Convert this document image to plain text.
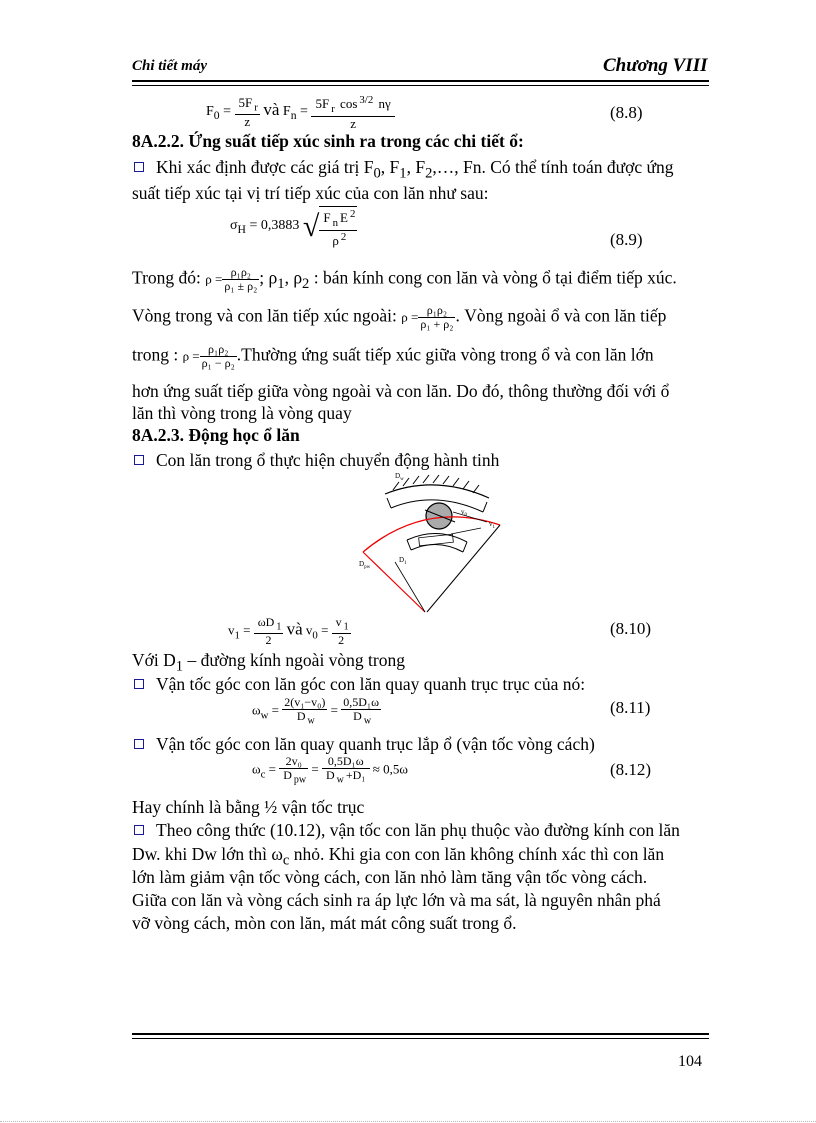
Chi tiết máy	Chương VIII
$F_0 = \frac{5F _r}{z}$ và $F_n = \frac{5F _r \cos ^{3/2} n\gamma}{z}$	(8.8)
8A.2.2. Ứng suất tiếp xúc sinh ra trong các chi tiết ổ:
Khi xác định được các giá trị $F_0$, $F_1$, $F_2,\dots$, Fn. Có thể tính toán được ứng
suất tiếp xúc tại vị trí tiếp xúc của con lăn như sau:
$\sigma_H = 0,3883$ √ $\frac{F _n E ^2}{\rho ^2}$	(8.9)
Trong đó: $\rho = \frac{\text{ρ₁ρ₂}}{\text{ρ₁ ± ρ₂}}$ ; $\rho_1$, $\rho_2$ : bán kính cong con lăn và vòng ổ tại điểm tiếp xúc.
Vòng trong và con lăn tiếp xúc ngoài: $\rho = \frac{\text{ρ₁ρ₂}}{\text{ρ₁ + ρ₂}}$ . Vòng ngoài ổ và con lăn tiếp
trong : $\rho = \frac{\text{ρ₁ρ₂}}{\text{ρ₁ − ρ₂}}$ .Thường ứng suất tiếp xúc giữa vòng trong ổ và con lăn lớn
hơn ứng suất tiếp giữa vòng ngoài và con lăn. Do đó, thông thường đối với ổ
lăn thì vòng trong là vòng quay
8A.2.3. Động học ổ lăn
Con lăn trong ổ thực hiện chuyển động hành tinh
$D_w$
$v_1$
$v_0$
$D_1$
$D_{pw}$
$v_1 = \frac{\omega D _1}{2}$ và $v_0 = \frac{v _1}{2}$	(8.10)
Với $D_1$ – đường kính ngoài vòng trong
Vận tốc góc con lăn góc con lăn quay quanh trục trục của nó:
$\omega_w = \frac{\text{2(v₁−v₀)}}{D _w} = \frac{\text{0,5D₁ω}}{D _w}$	(8.11)
Vận tốc góc con lăn quay quanh trục lắp ổ (vận tốc vòng cách)
$\omega_c = \frac{\text{2v₀}}{D _{pw}} = \frac{\text{0,5D₁ω}}{D _w +D_1} \approx 0,5\omega$	(8.12)
Hay chính là bằng ½ vận tốc trục
Theo công thức (10.12), vận tốc con lăn phụ thuộc vào đường kính con lăn
Dw. khi Dw lớn thì $\omega_c$ nhỏ. Khi gia con con lăn không chính xác thì con lăn
lớn làm giảm vận tốc vòng cách, con lăn nhỏ làm tăng vận tốc vòng cách.
Giữa con lăn và vòng cách sinh ra áp lực lớn và ma sát, là nguyên nhân phá
vỡ vòng cách, mòn con lăn, mát mát công suất trong ổ.
104
